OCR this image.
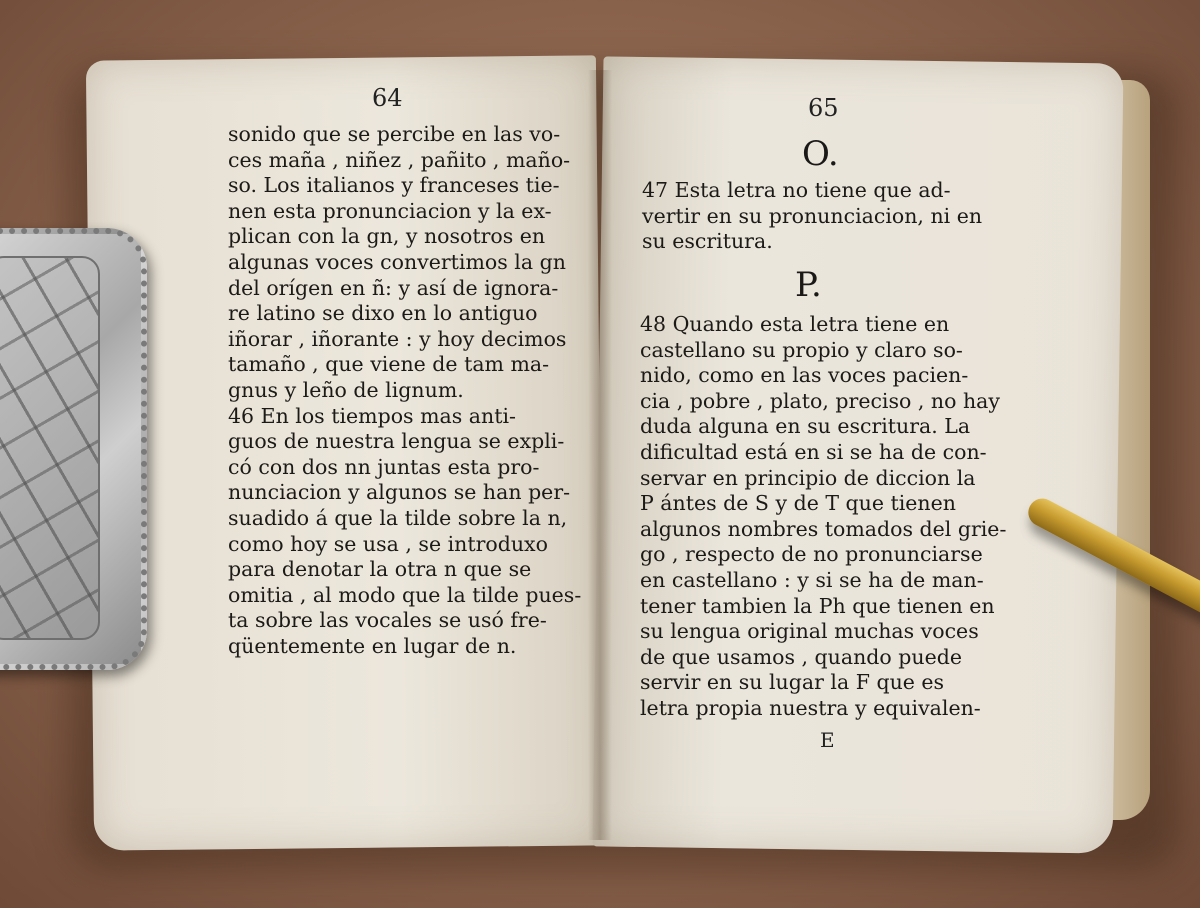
64
sonido que se percibe en las vo-
ces maña , niñez , pañito , maño-
so. Los italianos y franceses tie-
nen esta pronunciacion y la ex-
plican con la gn, y nosotros en
algunas voces convertimos la gn
del orígen en ñ: y así de ignora-
re latino se dixo en lo antiguo
iñorar , iñorante : y hoy decimos
tamaño , que viene de tam ma-
gnus y leño de lignum.
46 En los tiempos mas anti-
guos de nuestra lengua se expli-
có con dos nn juntas esta pro-
nunciacion y algunos se han per-
suadido á que la tilde sobre la n,
como hoy se usa , se introduxo
para denotar la otra n que se
omitia , al modo que la tilde pues-
ta sobre las vocales se usó fre-
qüentemente en lugar de n.
65
O.
47 Esta letra no tiene que ad-
vertir en su pronunciacion, ni en
su escritura.
P.
48 Quando esta letra tiene en
castellano su propio y claro so-
nido, como en las voces pacien-
cia , pobre , plato, preciso , no hay
duda alguna en su escritura. La
dificultad está en si se ha de con-
servar en principio de diccion la
P ántes de S y de T que tienen
algunos nombres tomados del grie-
go , respecto de no pronunciarse
en castellano : y si se ha de man-
tener tambien la Ph que tienen en
su lengua original muchas voces
de que usamos , quando puede
servir en su lugar la F que es
letra propia nuestra y equivalen-
E
